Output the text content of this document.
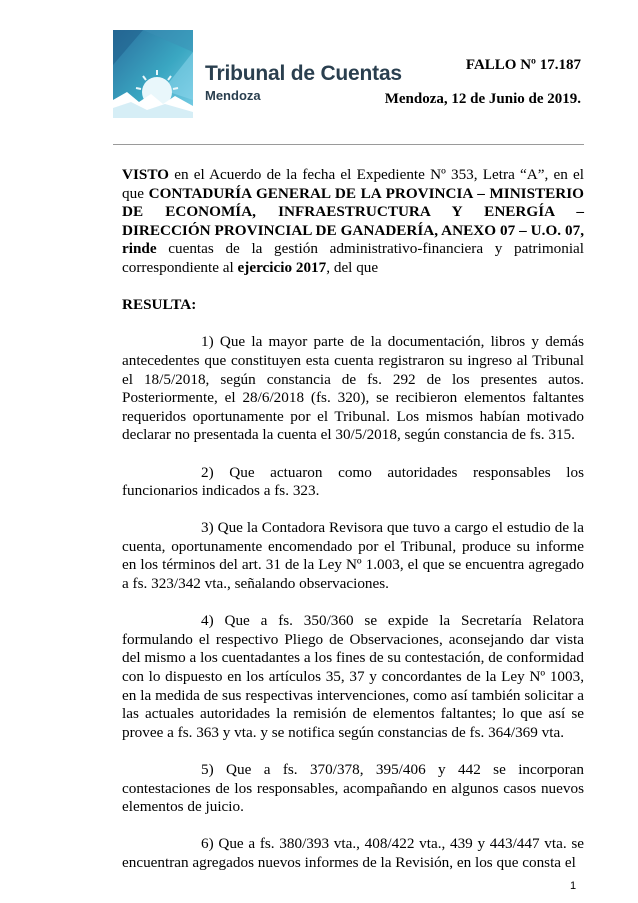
Tribunal de Cuentas
Mendoza
FALLO Nº 17.187
Mendoza, 12 de Junio de 2019.

VISTO en el Acuerdo de la fecha el Expediente Nº 353, Letra “A”, en el que CONTADURÍA GENERAL DE LA PROVINCIA – MINISTERIO DE ECONOMÍA, INFRAESTRUCTURA Y ENERGÍA – DIRECCIÓN PROVINCIAL DE GANADERÍA, ANEXO 07 – U.O. 07, rinde cuentas de la gestión administrativo-financiera y patrimonial correspondiente al ejercicio 2017, del que

RESULTA:

1) Que la mayor parte de la documentación, libros y demás antecedentes que constituyen esta cuenta registraron su ingreso al Tribunal el 18/5/2018, según constancia de fs. 292 de los presentes autos. Posteriormente, el 28/6/2018 (fs. 320), se recibieron elementos faltantes requeridos oportunamente por el Tribunal. Los mismos habían motivado declarar no presentada la cuenta el 30/5/2018, según constancia de fs. 315.

2) Que actuaron como autoridades responsables los funcionarios indicados a fs. 323.

3) Que la Contadora Revisora que tuvo a cargo el estudio de la cuenta, oportunamente encomendado por el Tribunal, produce su informe en los términos del art. 31 de la Ley Nº 1.003, el que se encuentra agregado a fs. 323/342 vta., señalando observaciones.

4) Que a fs. 350/360 se expide la Secretaría Relatora formulando el respectivo Pliego de Observaciones, aconsejando dar vista del mismo a los cuentadantes a los fines de su contestación, de conformidad con lo dispuesto en los artículos 35, 37 y concordantes de la Ley Nº 1003, en la medida de sus respectivas intervenciones, como así también solicitar a las actuales autoridades la remisión de elementos faltantes; lo que así se provee a fs. 363 y vta. y se notifica según constancias de fs. 364/369 vta.

5) Que a fs. 370/378, 395/406 y 442 se incorporan contestaciones de los responsables, acompañando en algunos casos nuevos elementos de juicio.

6) Que a fs. 380/393 vta., 408/422 vta., 439 y 443/447 vta. se encuentran agregados nuevos informes de la Revisión, en los que consta el

1
